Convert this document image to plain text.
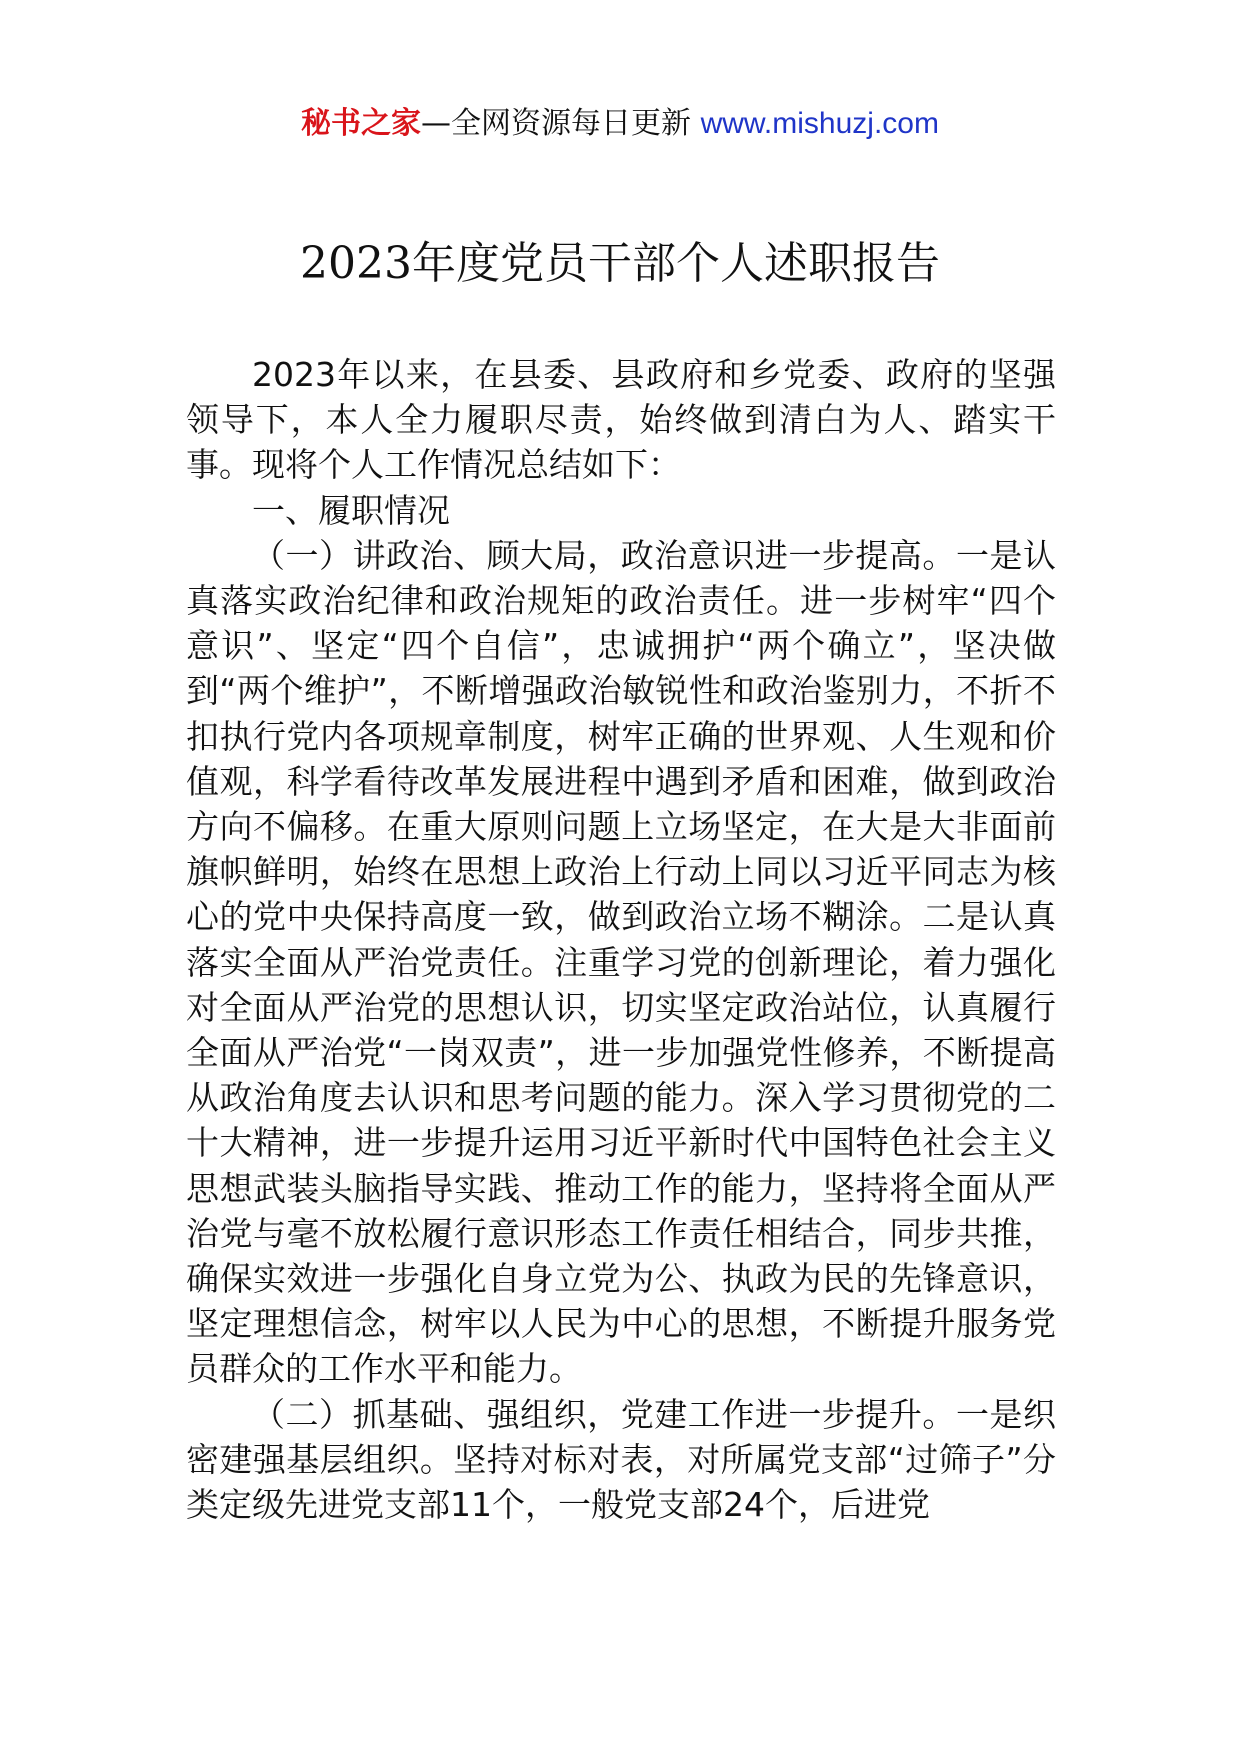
秘书之家—全网资源每日更新 www.mishuzj.com
2023年度党员干部个人述职报告

2023年以来，在县委、县政府和乡党委、政府的坚强领导下，本人全力履职尽责，始终做到清白为人、踏实干事。现将个人工作情况总结如下：

一、履职情况

（一）讲政治、顾大局，政治意识进一步提高。一是认真落实政治纪律和政治规矩的政治责任。进一步树牢“四个意识”、坚定“四个自信”，忠诚拥护“两个确立”，坚决做到“两个维护”，不断增强政治敏锐性和政治鉴别力，不折不扣执行党内各项规章制度，树牢正确的世界观、人生观和价值观，科学看待改革发展进程中遇到矛盾和困难，做到政治方向不偏移。在重大原则问题上立场坚定，在大是大非面前旗帜鲜明，始终在思想上政治上行动上同以习近平同志为核心的党中央保持高度一致，做到政治立场不糊涂。二是认真落实全面从严治党责任。注重学习党的创新理论，着力强化对全面从严治党的思想认识，切实坚定政治站位，认真履行全面从严治党“一岗双责”，进一步加强党性修养，不断提高从政治角度去认识和思考问题的能力。深入学习贯彻党的二十大精神，进一步提升运用习近平新时代中国特色社会主义思想武装头脑指导实践、推动工作的能力，坚持将全面从严治党与毫不放松履行意识形态工作责任相结合，同步共推，确保实效进一步强化自身立党为公、执政为民的先锋意识，坚定理想信念，树牢以人民为中心的思想，不断提升服务党员群众的工作水平和能力。

（二）抓基础、强组织，党建工作进一步提升。一是织密建强基层组织。坚持对标对表，对所属党支部“过筛子”分类定级先进党支部11个，一般党支部24个，后进党
